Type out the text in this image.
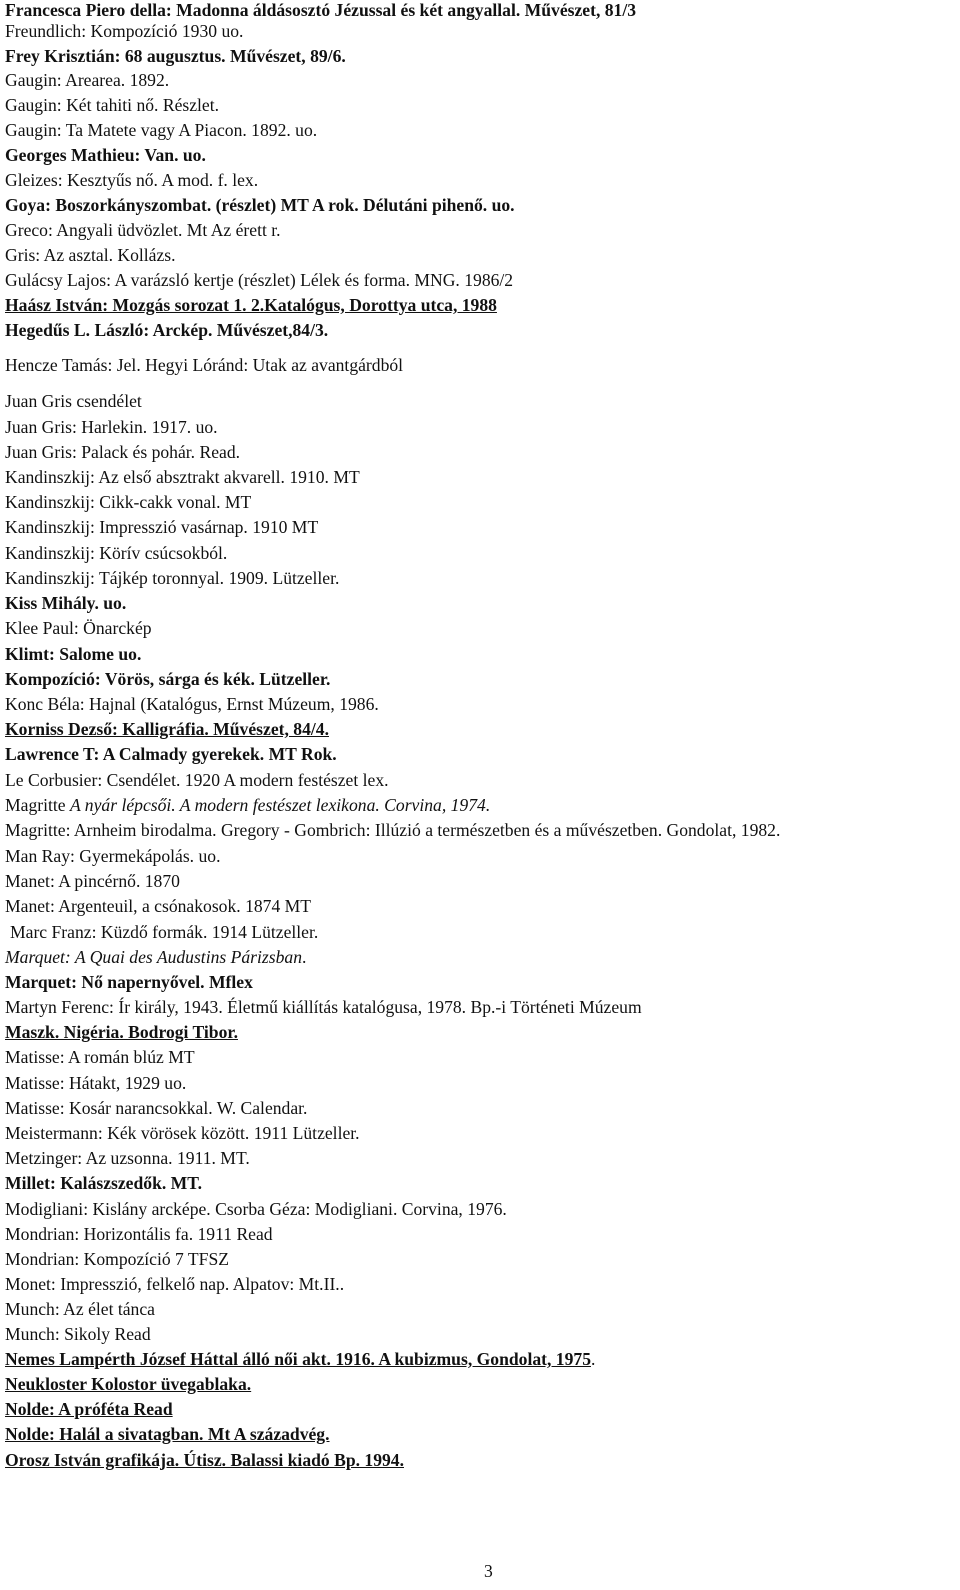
Francesca Piero della: Madonna áldásosztó Jézussal és két angyallal. Művészet, 81/3
Freundlich: Kompozíció 1930 uo.
Frey Krisztián: 68 augusztus. Művészet, 89/6.
Gaugin: Arearea. 1892.
Gaugin: Két tahiti nő. Részlet.
Gaugin: Ta Matete vagy A Piacon. 1892. uo.
Georges Mathieu: Van. uo.
Gleizes: Kesztyűs nő. A mod. f. lex.
Goya: Boszorkányszombat. (részlet) MT A rok. Délutáni pihenő. uo.
Greco: Angyali üdvözlet. Mt Az érett r.
Gris: Az asztal. Kollázs.
Gulácsy Lajos: A varázsló kertje (részlet) Lélek és forma. MNG. 1986/2
Haász István: Mozgás sorozat 1. 2.Katalógus, Dorottya utca, 1988
Hegedűs L. László: Arckép. Művészet,84/3.
Hencze Tamás: Jel. Hegyi Lóránd: Utak az avantgárdból
Juan Gris csendélet
Juan Gris: Harlekin. 1917. uo.
Juan Gris: Palack és pohár. Read.
Kandinszkij: Az első absztrakt akvarell. 1910. MT
Kandinszkij: Cikk-cakk vonal. MT
Kandinszkij: Impresszió vasárnap. 1910 MT
Kandinszkij: Körív csúcsokból.
Kandinszkij: Tájkép toronnyal. 1909. Lützeller.
Kiss Mihály. uo.
Klee Paul: Önarckép
Klimt: Salome uo.
Kompozíció: Vörös, sárga és kék. Lützeller.
Konc Béla: Hajnal (Katalógus, Ernst Múzeum, 1986.
Korniss Dezső: Kalligráfia. Művészet, 84/4.
Lawrence T: A Calmady gyerekek. MT Rok.
Le Corbusier: Csendélet. 1920 A modern festészet lex.
Magritte A nyár lépcsői. A modern festészet lexikona. Corvina, 1974.
Magritte: Arnheim birodalma. Gregory - Gombrich: Illúzió a természetben és a művészetben. Gondolat, 1982.
Man Ray: Gyermekápolás. uo.
Manet: A pincérnő. 1870
Manet: Argenteuil, a csónakosok. 1874 MT
Marc Franz: Küzdő formák. 1914 Lützeller.
Marquet: A Quai des Audustins Párizsban.
Marquet: Nő napernyővel. Mflex
Martyn Ferenc: Ír király, 1943. Életmű kiállítás katalógusa, 1978. Bp.-i Történeti Múzeum
Maszk. Nigéria. Bodrogi Tibor.
Matisse: A román blúz MT
Matisse: Hátakt, 1929 uo.
Matisse: Kosár narancsokkal. W. Calendar.
Meistermann: Kék vörösek között. 1911 Lützeller.
Metzinger: Az uzsonna. 1911. MT.
Millet: Kalászszedők. MT.
Modigliani: Kislány arcképe. Csorba Géza: Modigliani. Corvina, 1976.
Mondrian: Horizontális fa. 1911 Read
Mondrian: Kompozíció 7 TFSZ
Monet: Impresszió, felkelő nap. Alpatov: Mt.II..
Munch: Az élet tánca
Munch: Sikoly Read
Nemes Lampérth József Háttal álló női akt. 1916. A kubizmus, Gondolat, 1975.
Neukloster Kolostor üvegablaka.
Nolde: A próféta Read
Nolde: Halál a sivatagban. Mt A századvég.
Orosz István grafikája. Útisz. Balassi kiadó Bp. 1994.
3
